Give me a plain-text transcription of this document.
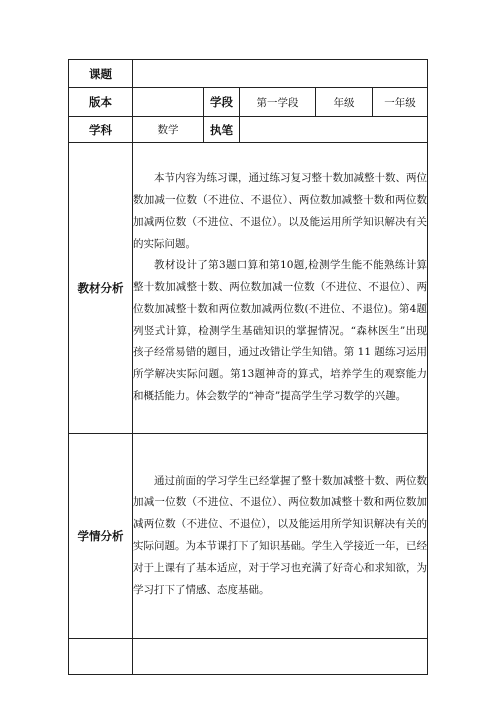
课题					
版本		学段	第一学段	年级	一年级
学科	数学	执笔			
教材分析	本节内容为练习课，通过练习复习整十数加减整十数、两位数加减一位数（不进位、不退位）、两位数加减整十数和两位数加减两位数（不进位、不退位）。以及能运用所学知识解决有关的实际问题。

教材设计了第3题口算和第10题,检测学生能不能熟练计算整十数加减整十数、两位数加减一位数（不进位、不退位）、两位数加减整十数和两位数加减两位数(不进位、不退位)。第4题列竖式计算，检测学生基础知识的掌握情况。“森林医生”出现孩子经常易错的题目，通过改错让学生知错。第 11 题练习运用所学解决实际问题。第13题神奇的算式，培养学生的观察能力和概括能力。体会数学的“神奇”提高学生学习数学的兴趣。				

学情分析	通过前面的学习学生已经掌握了整十数加减整十数、两位数加减一位数（不进位、不退位）、两位数加减整十数和两位数加减两位数（不进位、不退位），以及能运用所学知识解决有关的实际问题。为本节课打下了知识基础。学生入学接近一年，已经对于上课有了基本适应，对于学习也充满了好奇心和求知欲，为学习打下了情感、态度基础。				
